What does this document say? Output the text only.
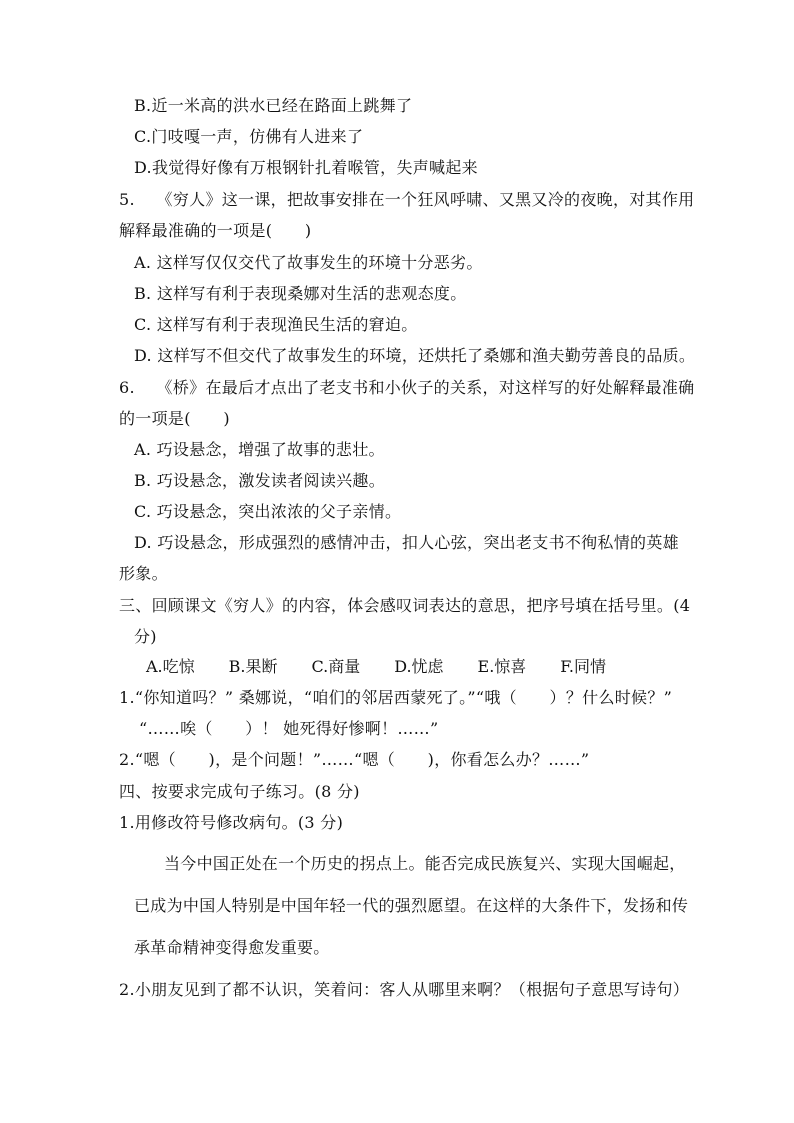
B.近一米高的洪水已经在路面上跳舞了
C.门吱嘎一声，仿佛有人进来了
D.我觉得好像有万根钢针扎着喉管，失声喊起来
5.　 《穷人》这一课，把故事安排在一个狂风呼啸、又黑又冷的夜晚，对其作用
解释最准确的一项是(　　)
A. 这样写仅仅交代了故事发生的环境十分恶劣。
B. 这样写有利于表现桑娜对生活的悲观态度。
C. 这样写有利于表现渔民生活的窘迫。
D. 这样写不但交代了故事发生的环境，还烘托了桑娜和渔夫勤劳善良的品质。
6.　 《桥》在最后才点出了老支书和小伙子的关系，对这样写的好处解释最准确
的一项是(　　)
A. 巧设悬念，增强了故事的悲壮。
B. 巧设悬念，激发读者阅读兴趣。
C. 巧设悬念，突出浓浓的父子亲情。
D. 巧设悬念，形成强烈的感情冲击，扣人心弦，突出老支书不徇私情的英雄
形象。
三、回顾课文《穷人》的内容，体会感叹词表达的意思，把序号填在括号里。(4
分)
A.吃惊 B.果断 C.商量 D.忧虑 E.惊喜 F.同情
1.“你知道吗？” 桑娜说，“咱们的邻居西蒙死了。”“哦（　　）？什么时候？”
“……唉（　　）！ 她死得好惨啊！……”
2.“嗯（　　)，是个问题！”……“嗯（　　)，你看怎么办？……”
四、按要求完成句子练习。(8 分)
1.用修改符号修改病句。(3 分)
当今中国正处在一个历史的拐点上。能否完成民族复兴、实现大国崛起，
已成为中国人特别是中国年轻一代的强烈愿望。在这样的大条件下，发扬和传
承革命精神变得愈发重要。
2.小朋友见到了都不认识，笑着问：客人从哪里来啊？（根据句子意思写诗句）
